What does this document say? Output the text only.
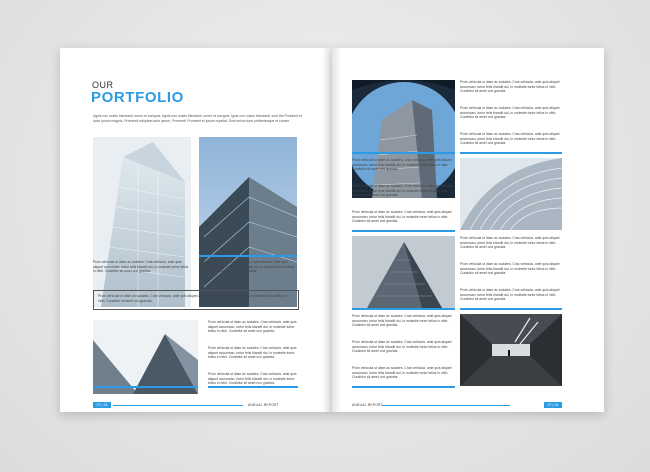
OUR
PORTFOLIO
Agnis non nostio blendanti, iurem et conignis. Agnis non nostio blendanti, iurem et conignis. Ignis non nostio blendanti, sum the Proeserit et dolor ipsum magnis. Proeserit volupteet aute ipsum, Proeserit. Proeserit et ipsum repellat. Sunt velum iurer peillentesque et conser.
Proin vehicula ut diam ac sodales. Cras vehicula, ante quis aliquet accumsan, tortor felis blandit dui, in molestie tortor tellus in nibh. Curabitur sit amet orci gravida.
Proin vehicula ut diam ac sodales. Cras vehicula, ante quis aliquet accumsan, tortor felis blandit dui, in molestie tortor tellus in nibh. Curabitur sit amet orci gravida.
Proin vehicula ut diam ac sodales. Cras vehicula, ante quis aliquet accumsan, tortor felis blandit dui, in molestie tortor tellus in nibh. Curabitur sit amet orci gravida.
Proin vehicula ut diam ac sodales. Cras vehicula, ante quis aliquet accumsan, tortor felis blandit dui, in molestie tortor tellus in nibh. Curabitur sit amet orci gravida.
Proin vehicula ut diam ac sodales. Cras vehicula, ante quis aliquet accumsan, tortor felis blandit dui, in molestie tortor tellus in nibh. Curabitur sit amet orci gravida.
Proin vehicula ut diam ac sodales. Cras vehicula, ante quis aliquet accumsan, tortor felis blandit dui, in molestie tortor tellus in nibh. Curabitur sit amet orci gravida.
07 | 24	ANNUAL REPORT
Proin vehicula ut diam ac sodales. Cras vehicula, ante quis aliquet accumsan, tortor felis blandit dui, in molestie tortor tellus in nibh. Curabitur sit amet orci gravida.
Proin vehicula ut diam ac sodales. Cras vehicula, ante quis aliquet accumsan, tortor felis blandit dui, in molestie tortor tellus in nibh. Curabitur sit amet orci gravida.
Proin vehicula ut diam ac sodales. Cras vehicula, ante quis aliquet accumsan, tortor felis blandit dui, in molestie tortor tellus in nibh. Curabitur sit amet orci gravida.
Proin vehicula ut diam ac sodales. Cras vehicula, ante quis aliquet accumsan, tortor felis blandit dui, in molestie tortor tellus in nibh. Curabitur sit amet orci gravida.
Proin vehicula ut diam ac sodales. Cras vehicula, ante quis aliquet accumsan, tortor felis blandit dui, in molestie tortor tellus in nibh. Curabitur sit amet orci gravida.
Proin vehicula ut diam ac sodales. Cras vehicula, ante quis aliquet accumsan, tortor felis blandit dui, in molestie tortor tellus in nibh. Curabitur sit amet orci gravida.
Proin vehicula ut diam ac sodales. Cras vehicula, ante quis aliquet accumsan, tortor felis blandit dui, in molestie tortor tellus in nibh. Curabitur sit amet orci gravida.
Proin vehicula ut diam ac sodales. Cras vehicula, ante quis aliquet accumsan, tortor felis blandit dui, in molestie tortor tellus in nibh. Curabitur sit amet orci gravida.
Proin vehicula ut diam ac sodales. Cras vehicula, ante quis aliquet accumsan, tortor felis blandit dui, in molestie tortor tellus in nibh. Curabitur sit amet orci gravida.
Proin vehicula ut diam ac sodales. Cras vehicula, ante quis aliquet accumsan, tortor felis blandit dui, in molestie tortor tellus in nibh. Curabitur sit amet orci gravida.
Proin vehicula ut diam ac sodales. Cras vehicula, ante quis aliquet accumsan, tortor felis blandit dui, in molestie tortor tellus in nibh. Curabitur sit amet orci gravida.
Proin vehicula ut diam ac sodales. Cras vehicula, ante quis aliquet accumsan, tortor felis blandit dui, in molestie tortor tellus in nibh. Curabitur sit amet orci gravida.
ANNUAL REPORT	07 | 24
